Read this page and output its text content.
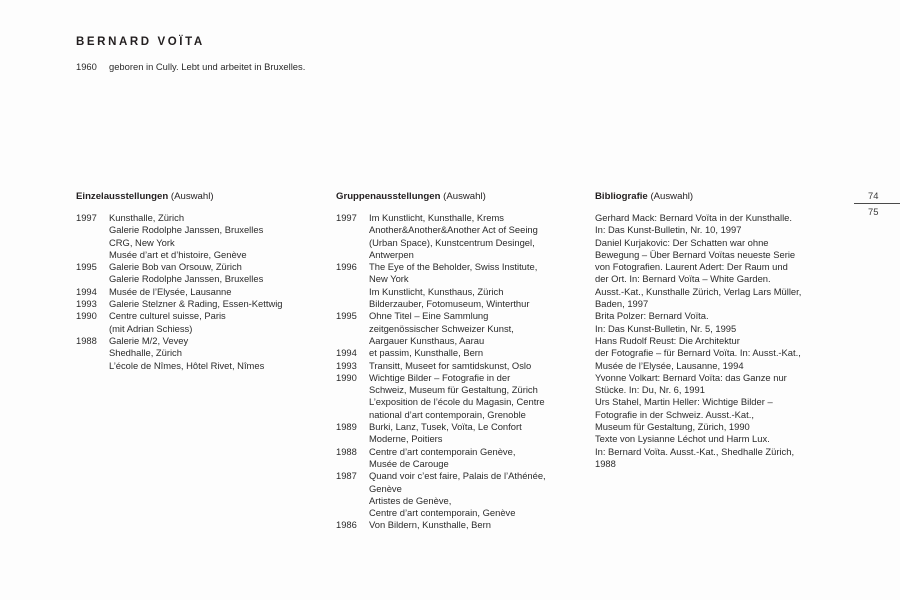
BERNARD VOÏTA
1960 geboren in Cully. Lebt und arbeitet in Bruxelles.
74
75
Einzelausstellungen (Auswahl)
1997	Kunsthalle, Zürich
Galerie Rodolphe Janssen, Bruxelles
CRG, New York
Musée d’art et d’histoire, Genève
1995	Galerie Bob van Orsouw, Zürich
Galerie Rodolphe Janssen, Bruxelles
1994	Musée de l’Elysée, Lausanne
1993	Galerie Stelzner & Rading, Essen-Kettwig
1990	Centre culturel suisse, Paris
(mit Adrian Schiess)
1988	Galerie M/2, Vevey
Shedhalle, Zürich
L’école de Nîmes, Hôtel Rivet, Nîmes
Gruppenausstellungen (Auswahl)
1997	Im Kunstlicht, Kunsthalle, Krems
Another&Another&Another Act of Seeing
(Urban Space), Kunstcentrum Desingel,
Antwerpen
1996	The Eye of the Beholder, Swiss Institute,
New York
Im Kunstlicht, Kunsthaus, Zürich
Bilderzauber, Fotomuseum, Winterthur
1995	Ohne Titel – Eine Sammlung
zeitgenössischer Schweizer Kunst,
Aargauer Kunsthaus, Aarau
1994	et passim, Kunsthalle, Bern
1993	Transitt, Museet for samtidskunst, Oslo
1990	Wichtige Bilder – Fotografie in der
Schweiz, Museum für Gestaltung, Zürich
L’exposition de l’école du Magasin, Centre
national d’art contemporain, Grenoble
1989	Burki, Lanz, Tusek, Voïta, Le Confort
Moderne, Poitiers
1988	Centre d’art contemporain Genève,
Musée de Carouge
1987	Quand voir c’est faire, Palais de l’Athénée,
Genève
Artistes de Genève,
Centre d’art contemporain, Genève
1986	Von Bildern, Kunsthalle, Bern
Bibliografie (Auswahl)
Gerhard Mack: Bernard Voïta in der Kunsthalle.
In: Das Kunst-Bulletin, Nr. 10, 1997
Daniel Kurjakovic: Der Schatten war ohne
Bewegung – Über Bernard Voïtas neueste Serie
von Fotografien. Laurent Adert: Der Raum und
der Ort. In: Bernard Voïta – White Garden.
Ausst.-Kat., Kunsthalle Zürich, Verlag Lars Müller,
Baden, 1997
Brita Polzer: Bernard Voïta.
In: Das Kunst-Bulletin, Nr. 5, 1995
Hans Rudolf Reust: Die Architektur
der Fotografie – für Bernard Voïta. In: Ausst.-Kat.,
Musée de l’Elysée, Lausanne, 1994
Yvonne Volkart: Bernard Voïta: das Ganze nur
Stücke. In: Du, Nr. 6, 1991
Urs Stahel, Martin Heller: Wichtige Bilder –
Fotografie in der Schweiz. Ausst.-Kat.,
Museum für Gestaltung, Zürich, 1990
Texte von Lysianne Léchot und Harm Lux.
In: Bernard Voïta. Ausst.-Kat., Shedhalle Zürich,
1988
